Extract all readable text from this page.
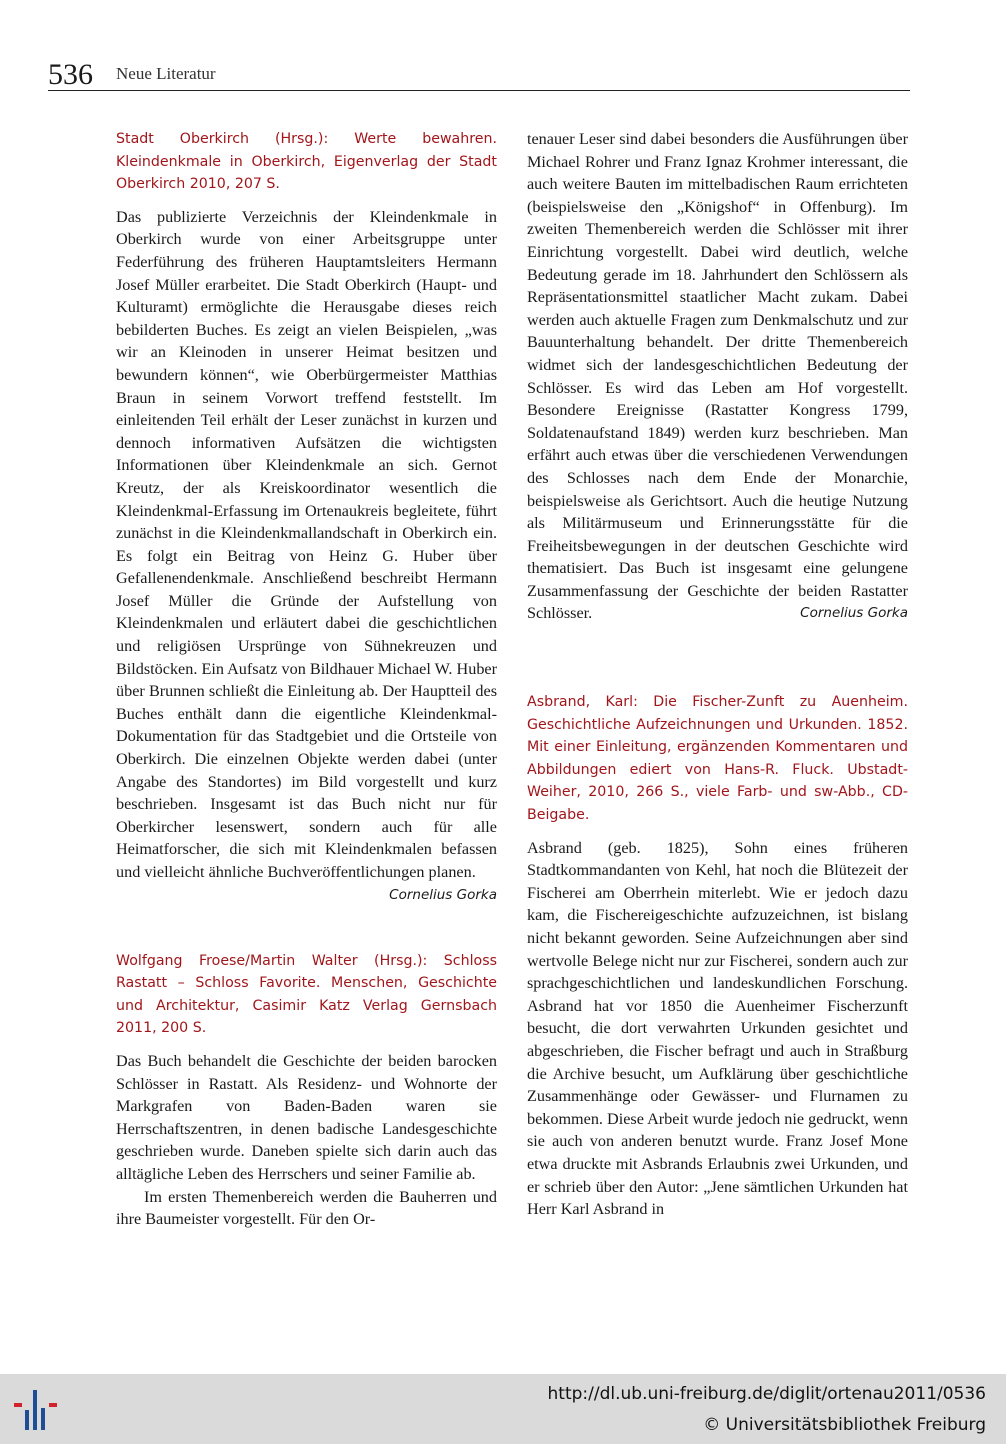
536 Neue Literatur
Stadt Oberkirch (Hrsg.): Werte bewahren. Kleindenkmale in Oberkirch, Eigenverlag der Stadt Oberkirch 2010, 207 S.

Das publizierte Verzeichnis der Kleindenkmale in Oberkirch wurde von einer Arbeitsgruppe unter Federführung des früheren Hauptamtsleiters Hermann Josef Müller erarbeitet. Die Stadt Oberkirch (Haupt- und Kulturamt) ermöglichte die Herausgabe dieses reich bebilderten Buches. Es zeigt an vielen Beispielen, „was wir an Kleinoden in unserer Heimat besitzen und bewundern können“, wie Oberbürgermeister Matthias Braun in seinem Vorwort treffend feststellt. Im einleitenden Teil erhält der Leser zunächst in kurzen und dennoch informativen Aufsätzen die wichtigsten Informationen über Kleindenkmale an sich. Gernot Kreutz, der als Kreiskoordinator wesentlich die Kleindenkmal-Erfassung im Ortenaukreis begleitete, führt zunächst in die Kleindenkmallandschaft in Oberkirch ein. Es folgt ein Beitrag von Heinz G. Huber über Gefallenendenkmale. Anschließend beschreibt Hermann Josef Müller die Gründe der Aufstellung von Kleindenkmalen und erläutert dabei die geschichtlichen und religiösen Ursprünge von Sühnekreuzen und Bildstöcken. Ein Aufsatz von Bildhauer Michael W. Huber über Brunnen schließt die Einleitung ab. Der Hauptteil des Buches enthält dann die eigentliche Kleindenkmal-Dokumentation für das Stadtgebiet und die Ortsteile von Oberkirch. Die einzelnen Objekte werden dabei (unter Angabe des Standortes) im Bild vorgestellt und kurz beschrieben. Insgesamt ist das Buch nicht nur für Oberkircher lesenswert, sondern auch für alle Heimatforscher, die sich mit Kleindenkmalen befassen und vielleicht ähnliche Buchveröffentlichungen planen.
Cornelius Gorka

Wolfgang Froese/Martin Walter (Hrsg.): Schloss Rastatt – Schloss Favorite. Menschen, Geschichte und Architektur, Casimir Katz Verlag Gernsbach 2011, 200 S.

Das Buch behandelt die Geschichte der beiden barocken Schlösser in Rastatt. Als Residenz- und Wohnorte der Markgrafen von Baden-Baden waren sie Herrschaftszentren, in denen badische Landesgeschichte geschrieben wurde. Daneben spielte sich darin auch das alltägliche Leben des Herrschers und seiner Familie ab.

Im ersten Themenbereich werden die Bauherren und ihre Baumeister vorgestellt. Für den Or-

tenauer Leser sind dabei besonders die Ausführungen über Michael Rohrer und Franz Ignaz Krohmer interessant, die auch weitere Bauten im mittelbadischen Raum errichteten (beispielsweise den „Königshof“ in Offenburg). Im zweiten Themenbereich werden die Schlösser mit ihrer Einrichtung vorgestellt. Dabei wird deutlich, welche Bedeutung gerade im 18. Jahrhundert den Schlössern als Repräsentationsmittel staatlicher Macht zukam. Dabei werden auch aktuelle Fragen zum Denkmalschutz und zur Bauunterhaltung behandelt. Der dritte Themenbereich widmet sich der landesgeschichtlichen Bedeutung der Schlösser. Es wird das Leben am Hof vorgestellt. Besondere Ereignisse (Rastatter Kongress 1799, Soldatenaufstand 1849) werden kurz beschrieben. Man erfährt auch etwas über die verschiedenen Verwendungen des Schlosses nach dem Ende der Monarchie, beispielsweise als Gerichtsort. Auch die heutige Nutzung als Militärmuseum und Erinnerungsstätte für die Freiheitsbewegungen in der deutschen Geschichte wird thematisiert. Das Buch ist insgesamt eine gelungene Zusammenfassung der Geschichte der beiden Rastatter Schlösser.	Cornelius Gorka

Asbrand, Karl: Die Fischer-Zunft zu Auenheim. Geschichtliche Aufzeichnungen und Urkunden. 1852. Mit einer Einleitung, ergänzenden Kommentaren und Abbildungen ediert von Hans-R. Fluck. Ubstadt-Weiher, 2010, 266 S., viele Farb- und sw-Abb., CD-Beigabe.

Asbrand (geb. 1825), Sohn eines früheren Stadtkommandanten von Kehl, hat noch die Blütezeit der Fischerei am Oberrhein miterlebt. Wie er jedoch dazu kam, die Fischereigeschichte aufzuzeichnen, ist bislang nicht bekannt geworden. Seine Aufzeichnungen aber sind wertvolle Belege nicht nur zur Fischerei, sondern auch zur sprachgeschichtlichen und landeskundlichen Forschung. Asbrand hat vor 1850 die Auenheimer Fischerzunft besucht, die dort verwahrten Urkunden gesichtet und abgeschrieben, die Fischer befragt und auch in Straßburg die Archive besucht, um Aufklärung über geschichtliche Zusammenhänge oder Gewässer- und Flurnamen zu bekommen. Diese Arbeit wurde jedoch nie gedruckt, wenn sie auch von anderen benutzt wurde. Franz Josef Mone etwa druckte mit Asbrands Erlaubnis zwei Urkunden, und er schrieb über den Autor: „Jene sämtlichen Urkunden hat Herr Karl Asbrand in

http://dl.ub.uni-freiburg.de/diglit/ortenau2011/0536
© Universitätsbibliothek Freiburg
